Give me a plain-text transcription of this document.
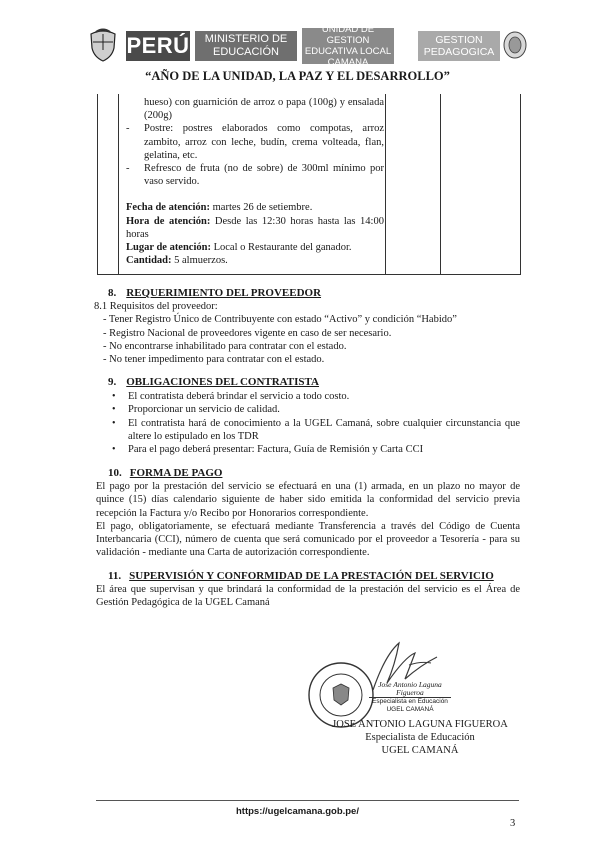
PERÚ MINISTERIO DE
EDUCACIÓN
UNIDAD DE GESTION
EDUCATIVA LOCAL
CAMANA
GESTION
PEDAGOGICA
“AÑO DE LA UNIDAD, LA PAZ Y EL DESARROLLO”

hueso) con guarnición de arroz o papa (100g) y ensalada (200g)

- Postre: postres elaborados como compotas, arroz zambito, arroz con leche, budín, crema volteada, flan, gelatina, etc.

- Refresco de fruta (no de sobre) de 300ml mínimo por vaso servido.

Fecha de atención: martes 26 de setiembre.

Hora de atención: Desde las 12:30 horas hasta las 14:00 horas

Lugar de atención: Local o Restaurante del ganador.

Cantidad: 5 almuerzos.

8. REQUERIMIENTO DEL PROVEEDOR
8.1 Requisitos del proveedor:
- Tener Registro Único de Contribuyente con estado “Activo” y condición “Habido”
- Registro Nacional de proveedores vigente en caso de ser necesario.
- No encontrarse inhabilitado para contratar con el estado.
- No tener impedimento para contratar con el estado.
9. OBLIGACIONES DEL CONTRATISTA
• El contratista deberá brindar el servicio a todo costo.
• Proporcionar un servicio de calidad.
• El contratista hará de conocimiento a la UGEL Camaná, sobre cualquier circunstancia que altere lo estipulado en los TDR
• Para el pago deberá presentar: Factura, Guía de Remisión y Carta CCI
10. FORMA DE PAGO

El pago por la prestación del servicio se efectuará en una (1) armada, en un plazo no mayor de quince (15) días calendario siguiente de haber sido emitida la conformidad del servicio previa recepción la Factura y/o Recibo por Honorarios correspondiente.

El pago, obligatoriamente, se efectuará mediante Transferencia a través del Código de Cuenta Interbancaria (CCI), número de cuenta que será comunicado por el proveedor a Tesorería - para su validación - mediante una Carta de autorización correspondiente.

11. SUPERVISIÓN Y CONFORMIDAD DE LA PRESTACIÓN DEL SERVICIO

El área que supervisan y que brindará la conformidad de la prestación del servicio es el Área de Gestión Pedagógica de la UGEL Camaná

Jose Antonio Laguna Figueroa
Especialista en Educación
UGEL CAMANÁ
JOSE ANTONIO LAGUNA FIGUEROA
Especialista de Educación
UGEL CAMANÁ
https://ugelcamana.gob.pe/
3
